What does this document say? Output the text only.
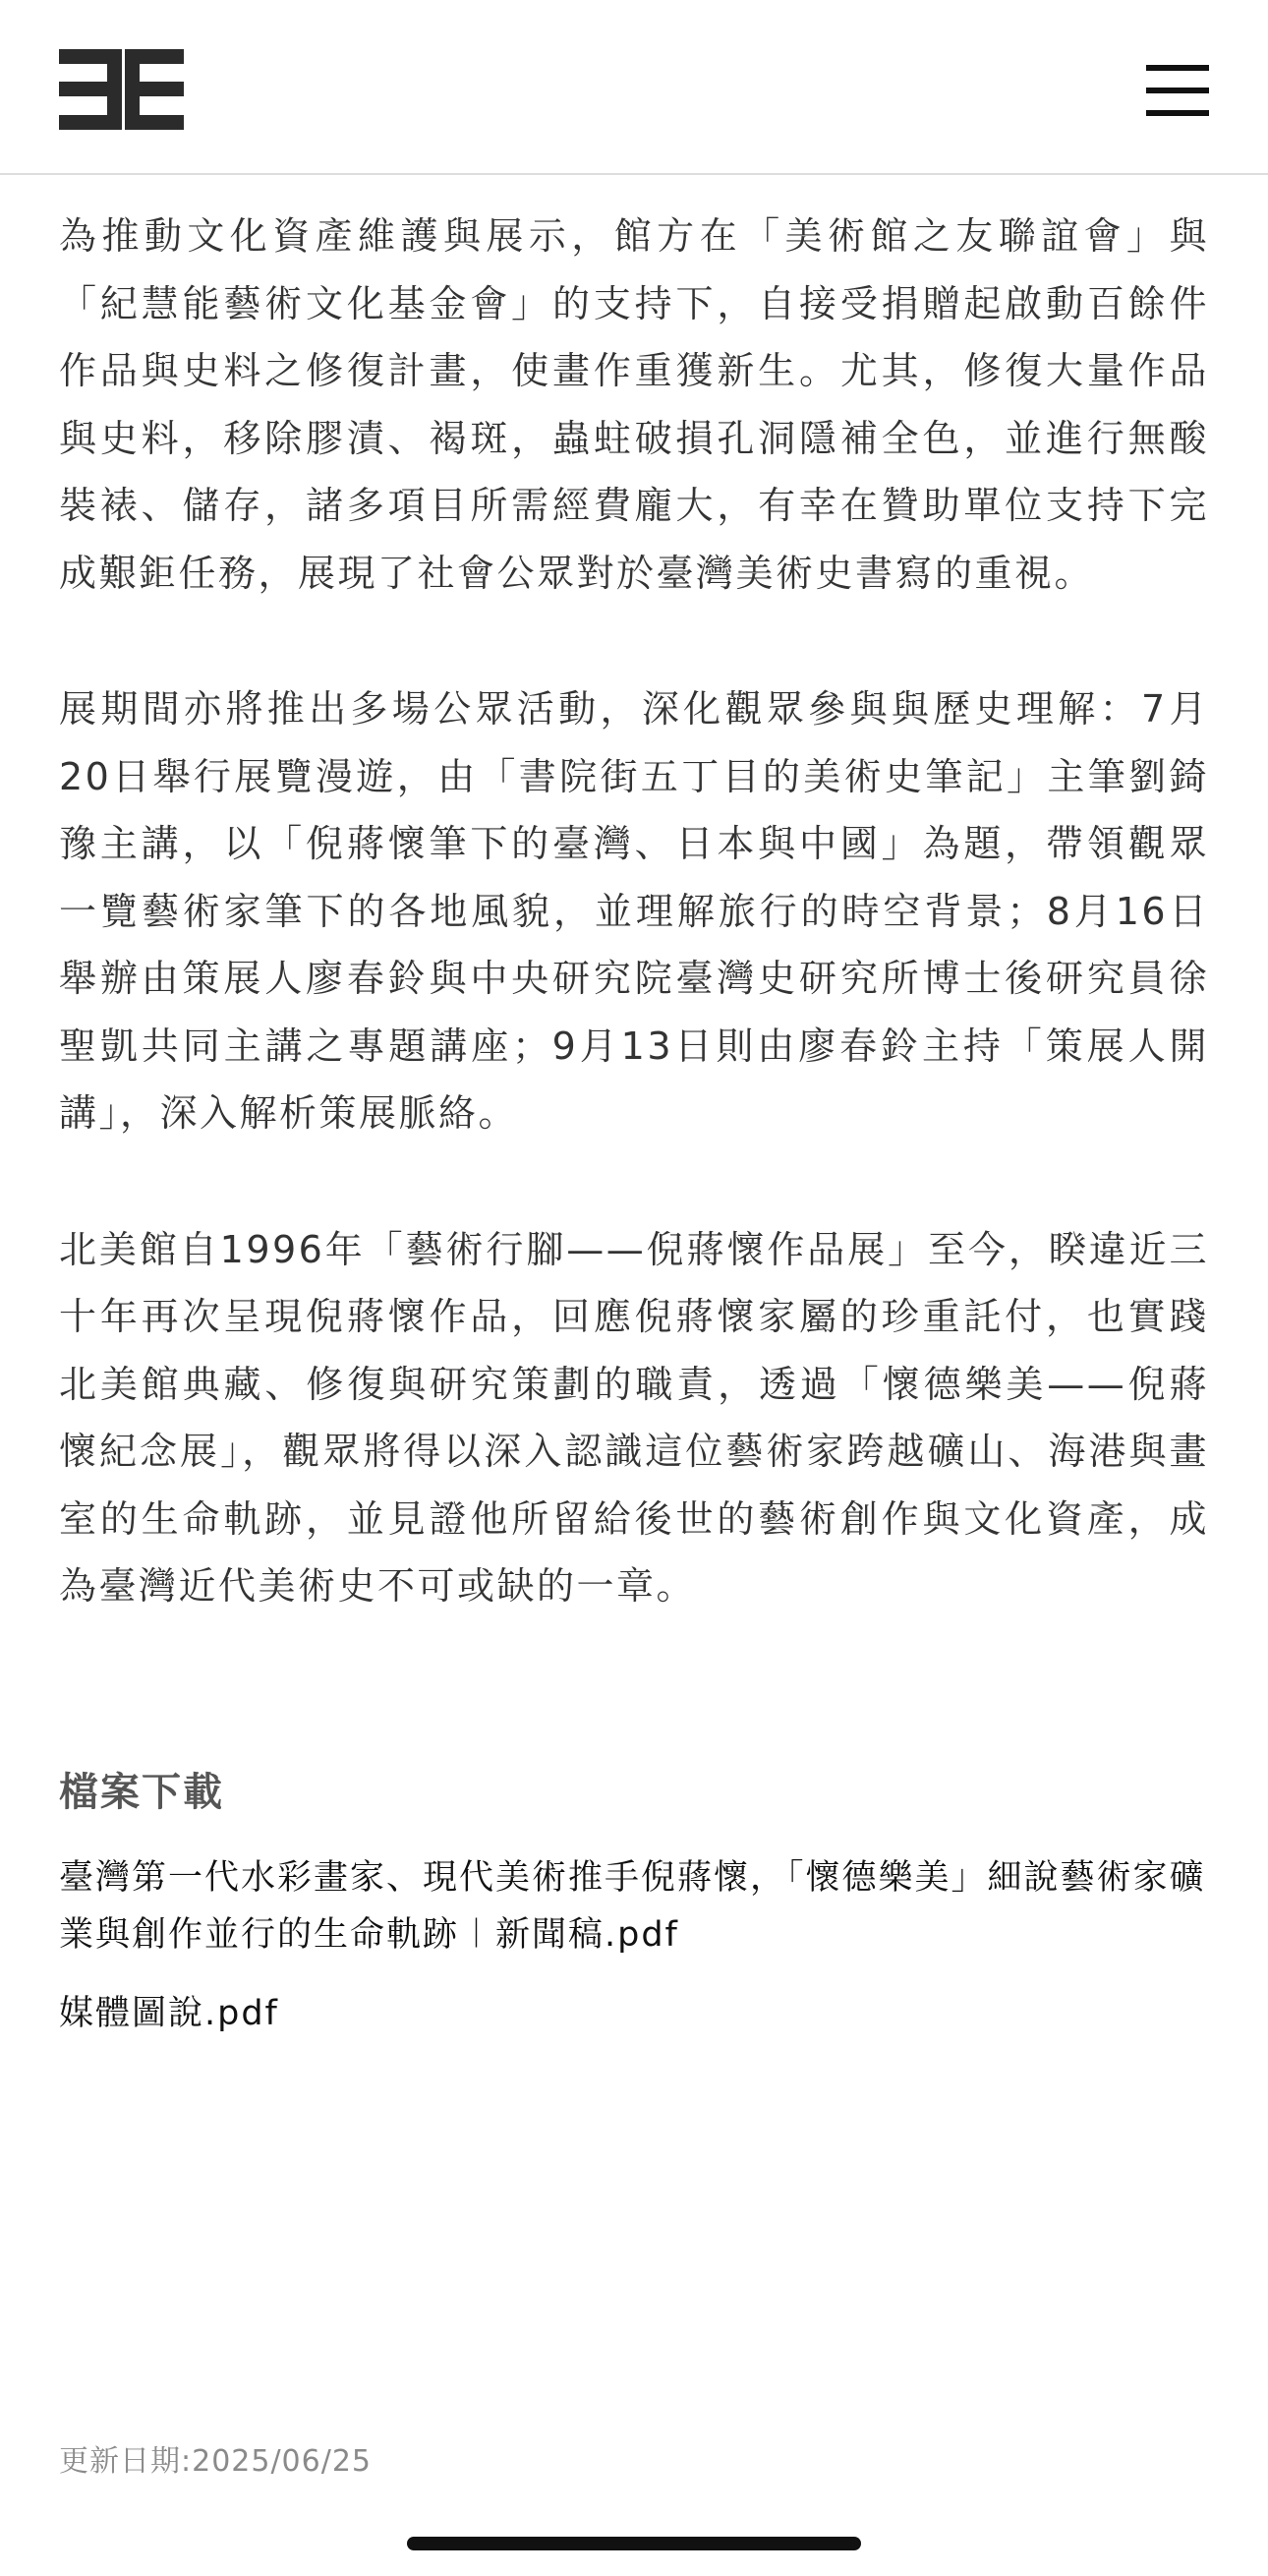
為推動文化資產維護與展示，館方在「美術館之友聯誼會」與「紀慧能藝術文化基金會」的支持下，自接受捐贈起啟動百餘件作品與史料之修復計畫，使畫作重獲新生。尤其，修復大量作品與史料，移除膠漬、褐斑，蟲蛀破損孔洞隱補全色，並進行無酸裝裱、儲存，諸多項目所需經費龐大，有幸在贊助單位支持下完成艱鉅任務，展現了社會公眾對於臺灣美術史書寫的重視。

展期間亦將推出多場公眾活動，深化觀眾參與與歷史理解：7月20日舉行展覽漫遊，由「書院街五丁目的美術史筆記」主筆劉錡豫主講，以「倪蔣懷筆下的臺灣、日本與中國」為題，帶領觀眾一覽藝術家筆下的各地風貌，並理解旅行的時空背景；8月16日舉辦由策展人廖春鈴與中央研究院臺灣史研究所博士後研究員徐聖凱共同主講之專題講座；9月13日則由廖春鈴主持「策展人開講」，深入解析策展脈絡。

北美館自1996年「藝術行腳——倪蔣懷作品展」至今，睽違近三十年再次呈現倪蔣懷作品，回應倪蔣懷家屬的珍重託付，也實踐北美館典藏、修復與研究策劃的職責，透過「懷德樂美——倪蔣懷紀念展」，觀眾將得以深入認識這位藝術家跨越礦山、海港與畫室的生命軌跡，並見證他所留給後世的藝術創作與文化資產，成為臺灣近代美術史不可或缺的一章。

檔案下載
臺灣第一代水彩畫家、現代美術推手倪蔣懷，「懷德樂美」細說藝術家礦業與創作並行的生命軌跡︱新聞稿.pdf
媒體圖說.pdf
更新日期:2025/06/25
